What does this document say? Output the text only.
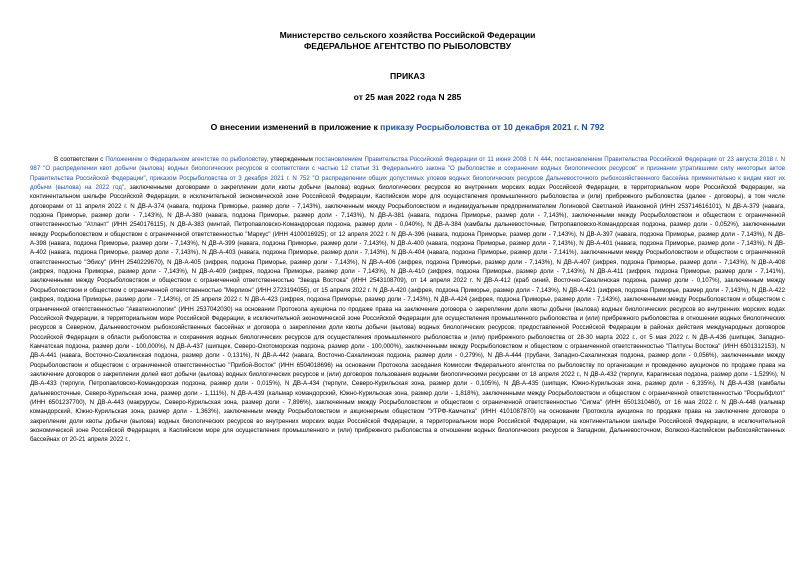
Министерство сельского хозяйства Российской Федерации
ФЕДЕРАЛЬНОЕ АГЕНТСТВО ПО РЫБОЛОВСТВУ
ПРИКАЗ
от 25 мая 2022 года N 285
О внесении изменений в приложение к приказу Росрыболовства от 10 декабря 2021 г. N 792
В соответствии с Положением о Федеральном агентстве по рыболовству, утвержденным постановлением Правительства Российской Федерации от 11 июня 2008 г. N 444, постановлением Правительства Российской Федерации от 23 августа 2018 г. N 987 "О распределении квот добычи (вылова) водных биологических ресурсов в соответствии с частью 12 статьи 31 Федерального закона "О рыболовстве и сохранении водных биологических ресурсов" и признании утратившими силу некоторых актов Правительства Российской Федерации", приказом Росрыболовства от 3 декабря 2021 г. N 752 "О распределении общих допустимых уловов водных биологических ресурсов Дальневосточного рыбохозяйственного бассейна применительно к видам квот их добычи (вылова) на 2022 год", заключенными договорами о закреплении доли квоты добычи (вылова) водных биологических ресурсов во внутренних морских водах Российской Федерации, в территориальном море Российской Федерации, на континентальном шельфе Российской Федерации, в исключительной экономической зоне Российской Федерации, Каспийском море для осуществления промышленного рыболовства и (или) прибрежного рыболовства (далее - договоры), в том числе договорами от 11 апреля 2022 г. N ДВ-А-374 (навага, подзона Приморье, размер доли - 7,143%), заключенным между Росрыболовством и индивидуальным предпринимателем Логиновой Светланой Ивановной (ИНН 253714616101), N ДВ-А-379 (навага, подзона Приморье, размер доли - 7,143%), N ДВ-А-380 (навага, подзона Приморье, размер доли - 7,143%), N ДВ-А-381 (навага, подзона Приморье, размер доли - 7,143%), заключенными между Росрыболовством и обществом с ограниченной ответственностью "Атлант" (ИНН 2540176115), N ДВ-А-383 (минтай, Петропавловско-Командорская подзона, размер доли - 0,040%), N ДВ-А-384 (камбалы дальневосточные, Петропавловско-Командорская подзона, размер доли - 0,052%), заключенными между Росрыболовством и обществом с ограниченной ответственностью "Маркус" (ИНН 4100016925); от 12 апреля 2022 г. N ДВ-А-396 (навага, подзона Приморье, размер доли - 7,143%), N ДВ-А-397 (навага, подзона Приморье, размер доли - 7,143%), N ДВ-А-398 (навага, подзона Приморье, размер доли - 7,143%), N ДВ-А-399 (навага, подзона Приморье, размер доли - 7,143%), N ДВ-А-400 (навага, подзона Приморье, размер доли - 7,143%), N ДВ-А-401 (навага, подзона Приморье, размер доли - 7,143%), N ДВ-А-402 (навага, подзона Приморье, размер доли - 7,143%), N ДВ-А-403 (навага, подзона Приморье, размер доли - 7,143%), N ДВ-А-404 (навага, подзона Приморье, размер доли - 7,141%), заключенными между Росрыболовством и обществом с ограниченной ответственностью "Эбису" (ИНН 2540229670), N ДВ-А-405 (зифрея, подзона Приморье, размер доли - 7,143%), N ДВ-А-406 (зифрея, подзона Приморье, размер доли - 7,143%), N ДВ-А-407 (зифрея, подзона Приморье, размер доли - 7,143%), N ДВ-А-408 (зифрея, подзона Приморье, размер доли - 7,143%), N ДВ-А-409 (зифрея, подзона Приморье, размер доли - 7,143%), N ДВ-А-410 (зифрея, подзона Приморье, размер доли - 7,143%), N ДВ-А-411 (зифрея, подзона Приморье, размер доли - 7,141%), заключенными между Росрыболовством и обществом с ограниченной ответственностью "Звезда Востока" (ИНН 2543108709), от 14 апреля 2022 г. N ДВ-А-412 (краб синий, Восточно-Сахалинская подзона, размер доли - 0,107%), заключенным между Росрыболовством и обществом с ограниченной ответственностью "Мерлион" (ИНН 2723194055), от 15 апреля 2022 г. N ДВ-А-420 (зифрея, подзона Приморье, размер доли - 7,143%), N ДВ-А-421 (зифрея, подзона Приморье, размер доли - 7,143%), N ДВ-А-422 (зифрея, подзона Приморье, размер доли - 7,143%), от 25 апреля 2022 г. N ДВ-А-423 (зифрея, подзона Приморье, размер доли - 7,143%), N ДВ-А-424 (зифрея, подзона Приморье, размер доли - 7,143%), заключенными между Росрыболовством и обществом с ограниченной ответственностью "Акватехнологии" (ИНН 2537042030) на основании Протокола аукциона по продаже права на заключение договора о закреплении доли квоты добычи (вылова) водных биологических ресурсов во внутренних морских водах Российской Федерации, в территориальном море Российской Федерации, в исключительной экономической зоне Российской Федерации для осуществления промышленного рыболовства и (или) прибрежного рыболовства в отношении водных биологических ресурсов в Северном, Дальневосточном рыбохозяйственных бассейнах и договора о закреплении доли квоты добычи (вылова) водных биологических ресурсов, предоставленной Российской Федерации в районах действия международных договоров Российской Федерации в области рыболовства и сохранения водных биологических ресурсов для осуществления промышленного рыболовства и (или) прибрежного рыболовства от 28-30 марта 2022 г., от 5 мая 2022 г. N ДВ-А-436 (шипщек, Западно-Камчатская подзона, размер доли - 100,000%), N ДВ-А-437 (шипщек, Северо-Охотоморская подзона, размер доли - 100,000%), заключенными между Росрыболовством и обществом с ограниченной ответственностью "Палтусы Востока" (ИНН 6501312153), N ДВ-А-441 (навага, Восточно-Сахалинская подзона, размер доли - 0,131%), N ДВ-А-442 (навага, Восточно-Сахалинская подзона, размер доли - 0,279%), N ДВ-А-444 (трубачи, Западно-Сахалинская подзона, размер доли - 0,056%), заключенными между Росрыболовством и обществом с ограниченной ответственностью "Прибой-Восток" (ИНН 6504018696) на основании Протокола заседания Комиссии Федерального агентства по рыболовству по организации и проведению аукционов по продаже права на заключение договоров о закреплении долей квот добычи (вылова) водных биологических ресурсов и (или) договоров пользования водными биологическими ресурсами от 18 апреля 2022 г., N ДВ-А-432 (терпуги, Карагинская подзона, размер доли - 1,529%), N ДВ-А-433 (терпуги, Петропавловско-Командорская подзона, размер доли - 0,015%), N ДВ-А-434 (терпуги, Северо-Курильская зона, размер доли - 0,105%), N ДВ-А-435 (шипщек, Южно-Курильская зона, размер доли - 6,335%), N ДВ-А-438 (камбалы дальневосточные, Северо-Курильская зона, размер доли - 1,111%), N ДВ-А-439 (кальмар командорский, Южно-Курильская зона, размер доли - 1,818%), заключенными между Росрыболовством и обществом с ограниченной ответственностью "Росрыбфлот" (ИНН 6501237700), N ДВ-А-443 (макрурусы, Северо-Курильская зона, размер доли - 7,896%), заключенным между Росрыболовством и обществом с ограниченной ответственностью "Сигма" (ИНН 6501310460), от 16 мая 2022 г. N ДВ-А-448 (кальмар командорский, Южно-Курильская зона, размер доли - 1,363%), заключенным между Росрыболовством и акционерным обществом "УТРФ-Камчатка" (ИНН 4101087870) на основании Протокола аукциона по продаже права на заключение договора о закреплении доли квоты добычи (вылова) водных биологических ресурсов во внутренних морских водах Российской Федерации, в территориальном море Российской Федерации, на континентальном шельфе Российской Федерации, в исключительной экономической зоне Российской Федерации, в Каспийском море для осуществления промышленного и (или) прибрежного рыболовства в отношении водных биологических ресурсов в Западном, Дальневосточном, Волжско-Каспийском рыбохозяйственных бассейнах от 20-21 апреля 2022 г.,
